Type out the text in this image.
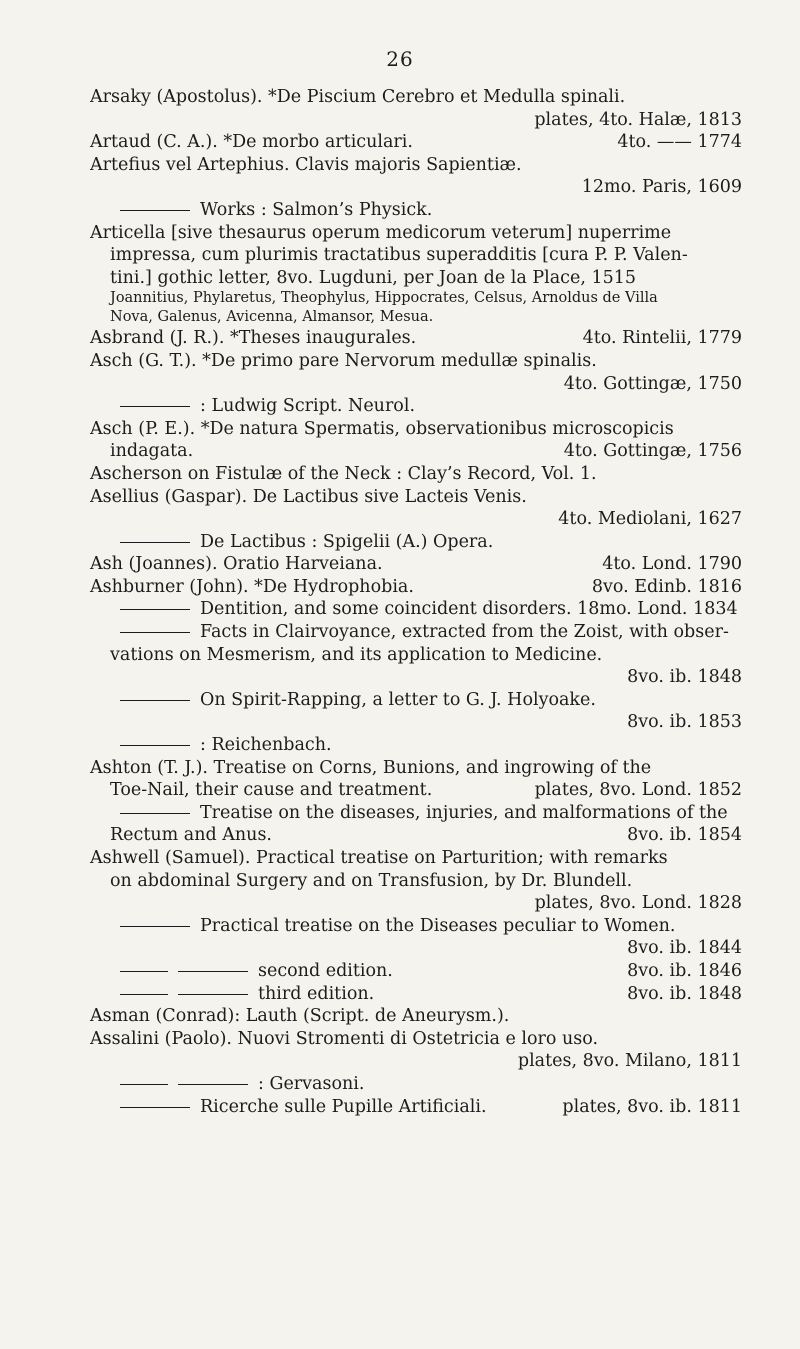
26
Arsaky (Apostolus). *De Piscium Cerebro et Medulla spinali.
plates, 4to. Halæ, 1813
Artaud (C. A.). *De morbo articulari.	4to. —— 1774
Artefius vel Artephius. Clavis majoris Sapientiæ.
12mo. Paris, 1609
Works : Salmon’s Physick.
Articella [sive thesaurus operum medicorum veterum] nuperrime
impressa, cum plurimis tractatibus superadditis [cura P. P. Valen-
tini.] gothic letter, 8vo. Lugduni, per Joan de la Place, 1515
Joannitius, Phylaretus, Theophylus, Hippocrates, Celsus, Arnoldus de Villa
Nova, Galenus, Avicenna, Almansor, Mesua.
Asbrand (J. R.). *Theses inaugurales.	4to. Rintelii, 1779
Asch (G. T.). *De primo pare Nervorum medullæ spinalis.
4to. Gottingæ, 1750
: Ludwig Script. Neurol.
Asch (P. E.). *De natura Spermatis, observationibus microscopicis
indagata.	4to. Gottingæ, 1756
Ascherson on Fistulæ of the Neck : Clay’s Record, Vol. 1.
Asellius (Gaspar). De Lactibus sive Lacteis Venis.
4to. Mediolani, 1627
De Lactibus : Spigelii (A.) Opera.
Ash (Joannes). Oratio Harveiana.	4to. Lond. 1790
Ashburner (John). *De Hydrophobia.	8vo. Edinb. 1816
Dentition, and some coincident disorders. 18mo. Lond. 1834
Facts in Clairvoyance, extracted from the Zoist, with obser-
vations on Mesmerism, and its application to Medicine.
8vo. ib. 1848
On Spirit-Rapping, a letter to G. J. Holyoake.
8vo. ib. 1853
: Reichenbach.
Ashton (T. J.). Treatise on Corns, Bunions, and ingrowing of the
Toe-Nail, their cause and treatment.	plates, 8vo. Lond. 1852
Treatise on the diseases, injuries, and malformations of the
Rectum and Anus.	8vo. ib. 1854
Ashwell (Samuel). Practical treatise on Parturition; with remarks
on abdominal Surgery and on Transfusion, by Dr. Blundell.
plates, 8vo. Lond. 1828
Practical treatise on the Diseases peculiar to Women.
8vo. ib. 1844
second edition.	8vo. ib. 1846
third edition.	8vo. ib. 1848
Asman (Conrad): Lauth (Script. de Aneurysm.).
Assalini (Paolo). Nuovi Stromenti di Ostetricia e loro uso.
plates, 8vo. Milano, 1811
: Gervasoni.
Ricerche sulle Pupille Artificiali.	plates, 8vo. ib. 1811
